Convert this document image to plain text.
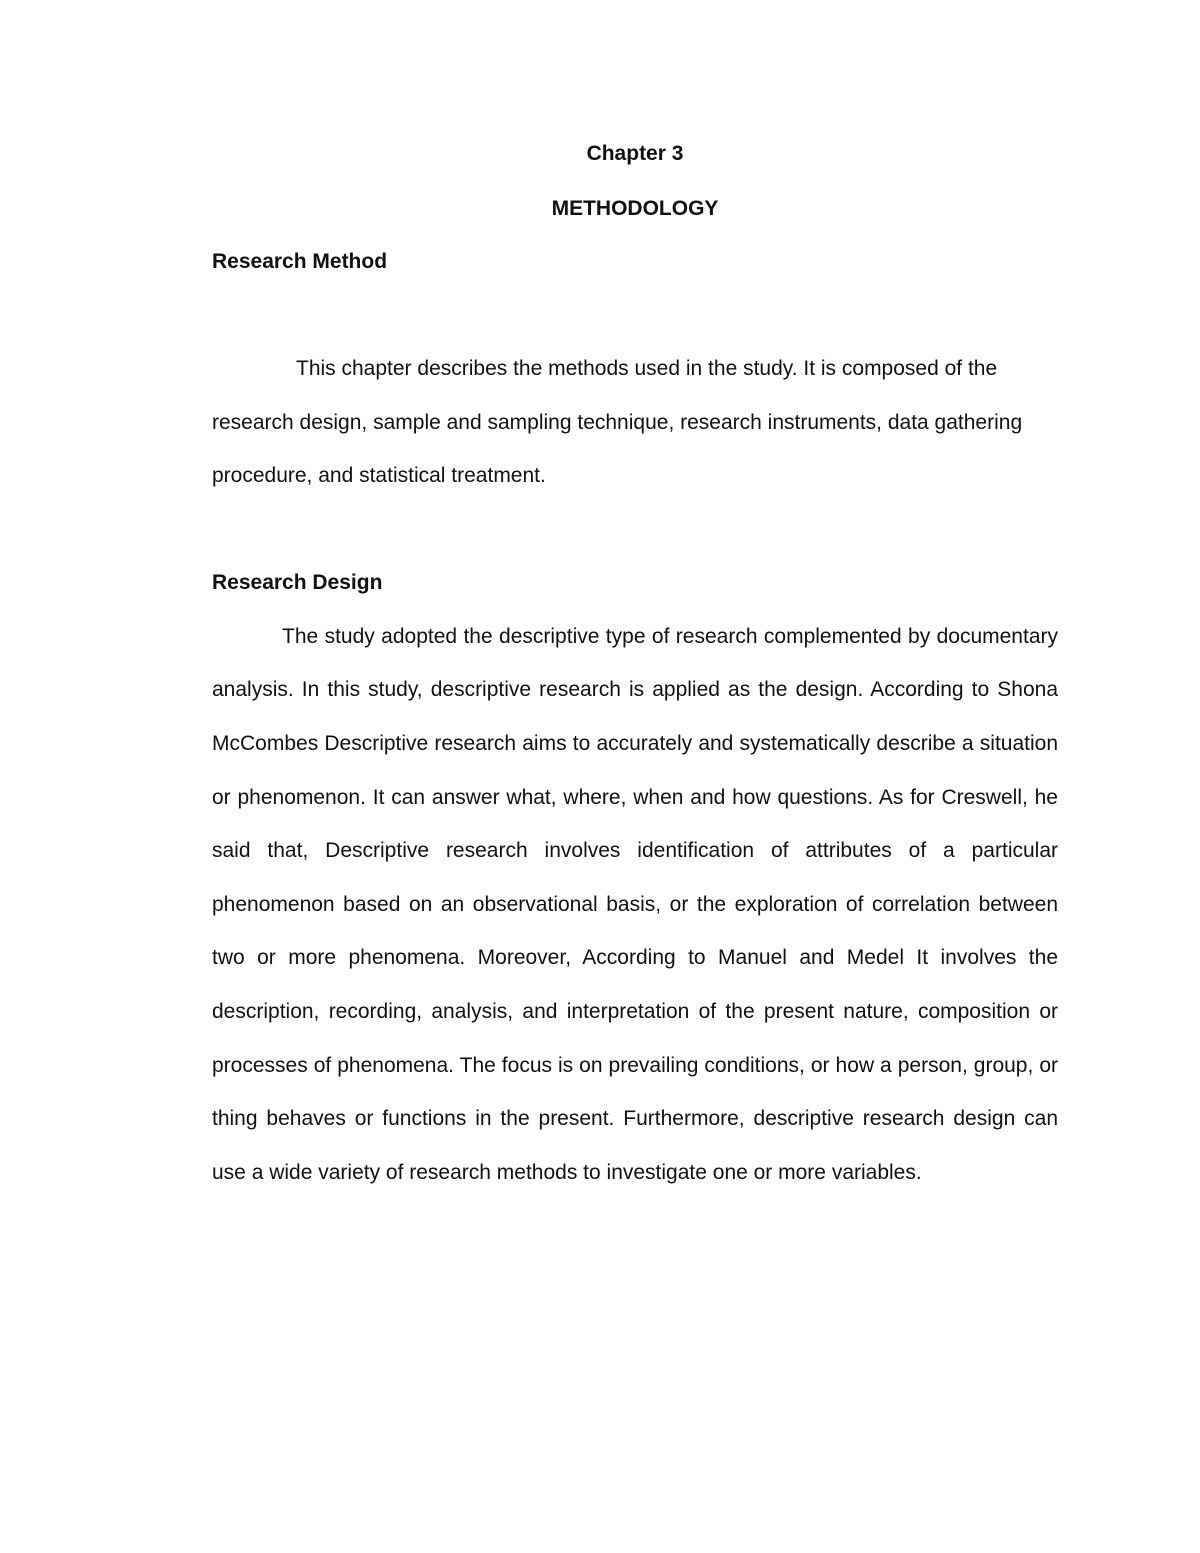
Chapter 3

METHODOLOGY

Research Method

This chapter describes the methods used in the study. It is composed of the research design, sample and sampling technique, research instruments, data gathering procedure, and statistical treatment.

Research Design

The study adopted the descriptive type of research complemented by documentary analysis. In this study, descriptive research is applied as the design. According to Shona McCombes Descriptive research aims to accurately and systematically describe a situation or phenomenon. It can answer what, where, when and how questions. As for Creswell, he said that, Descriptive research involves identification of attributes of a particular phenomenon based on an observational basis, or the exploration of correlation between two or more phenomena. Moreover, According to Manuel and Medel It involves the description, recording, analysis, and interpretation of the present nature, composition or processes of phenomena. The focus is on prevailing conditions, or how a person, group, or thing behaves or functions in the present. Furthermore, descriptive research design can use a wide variety of research methods to investigate one or more variables.
